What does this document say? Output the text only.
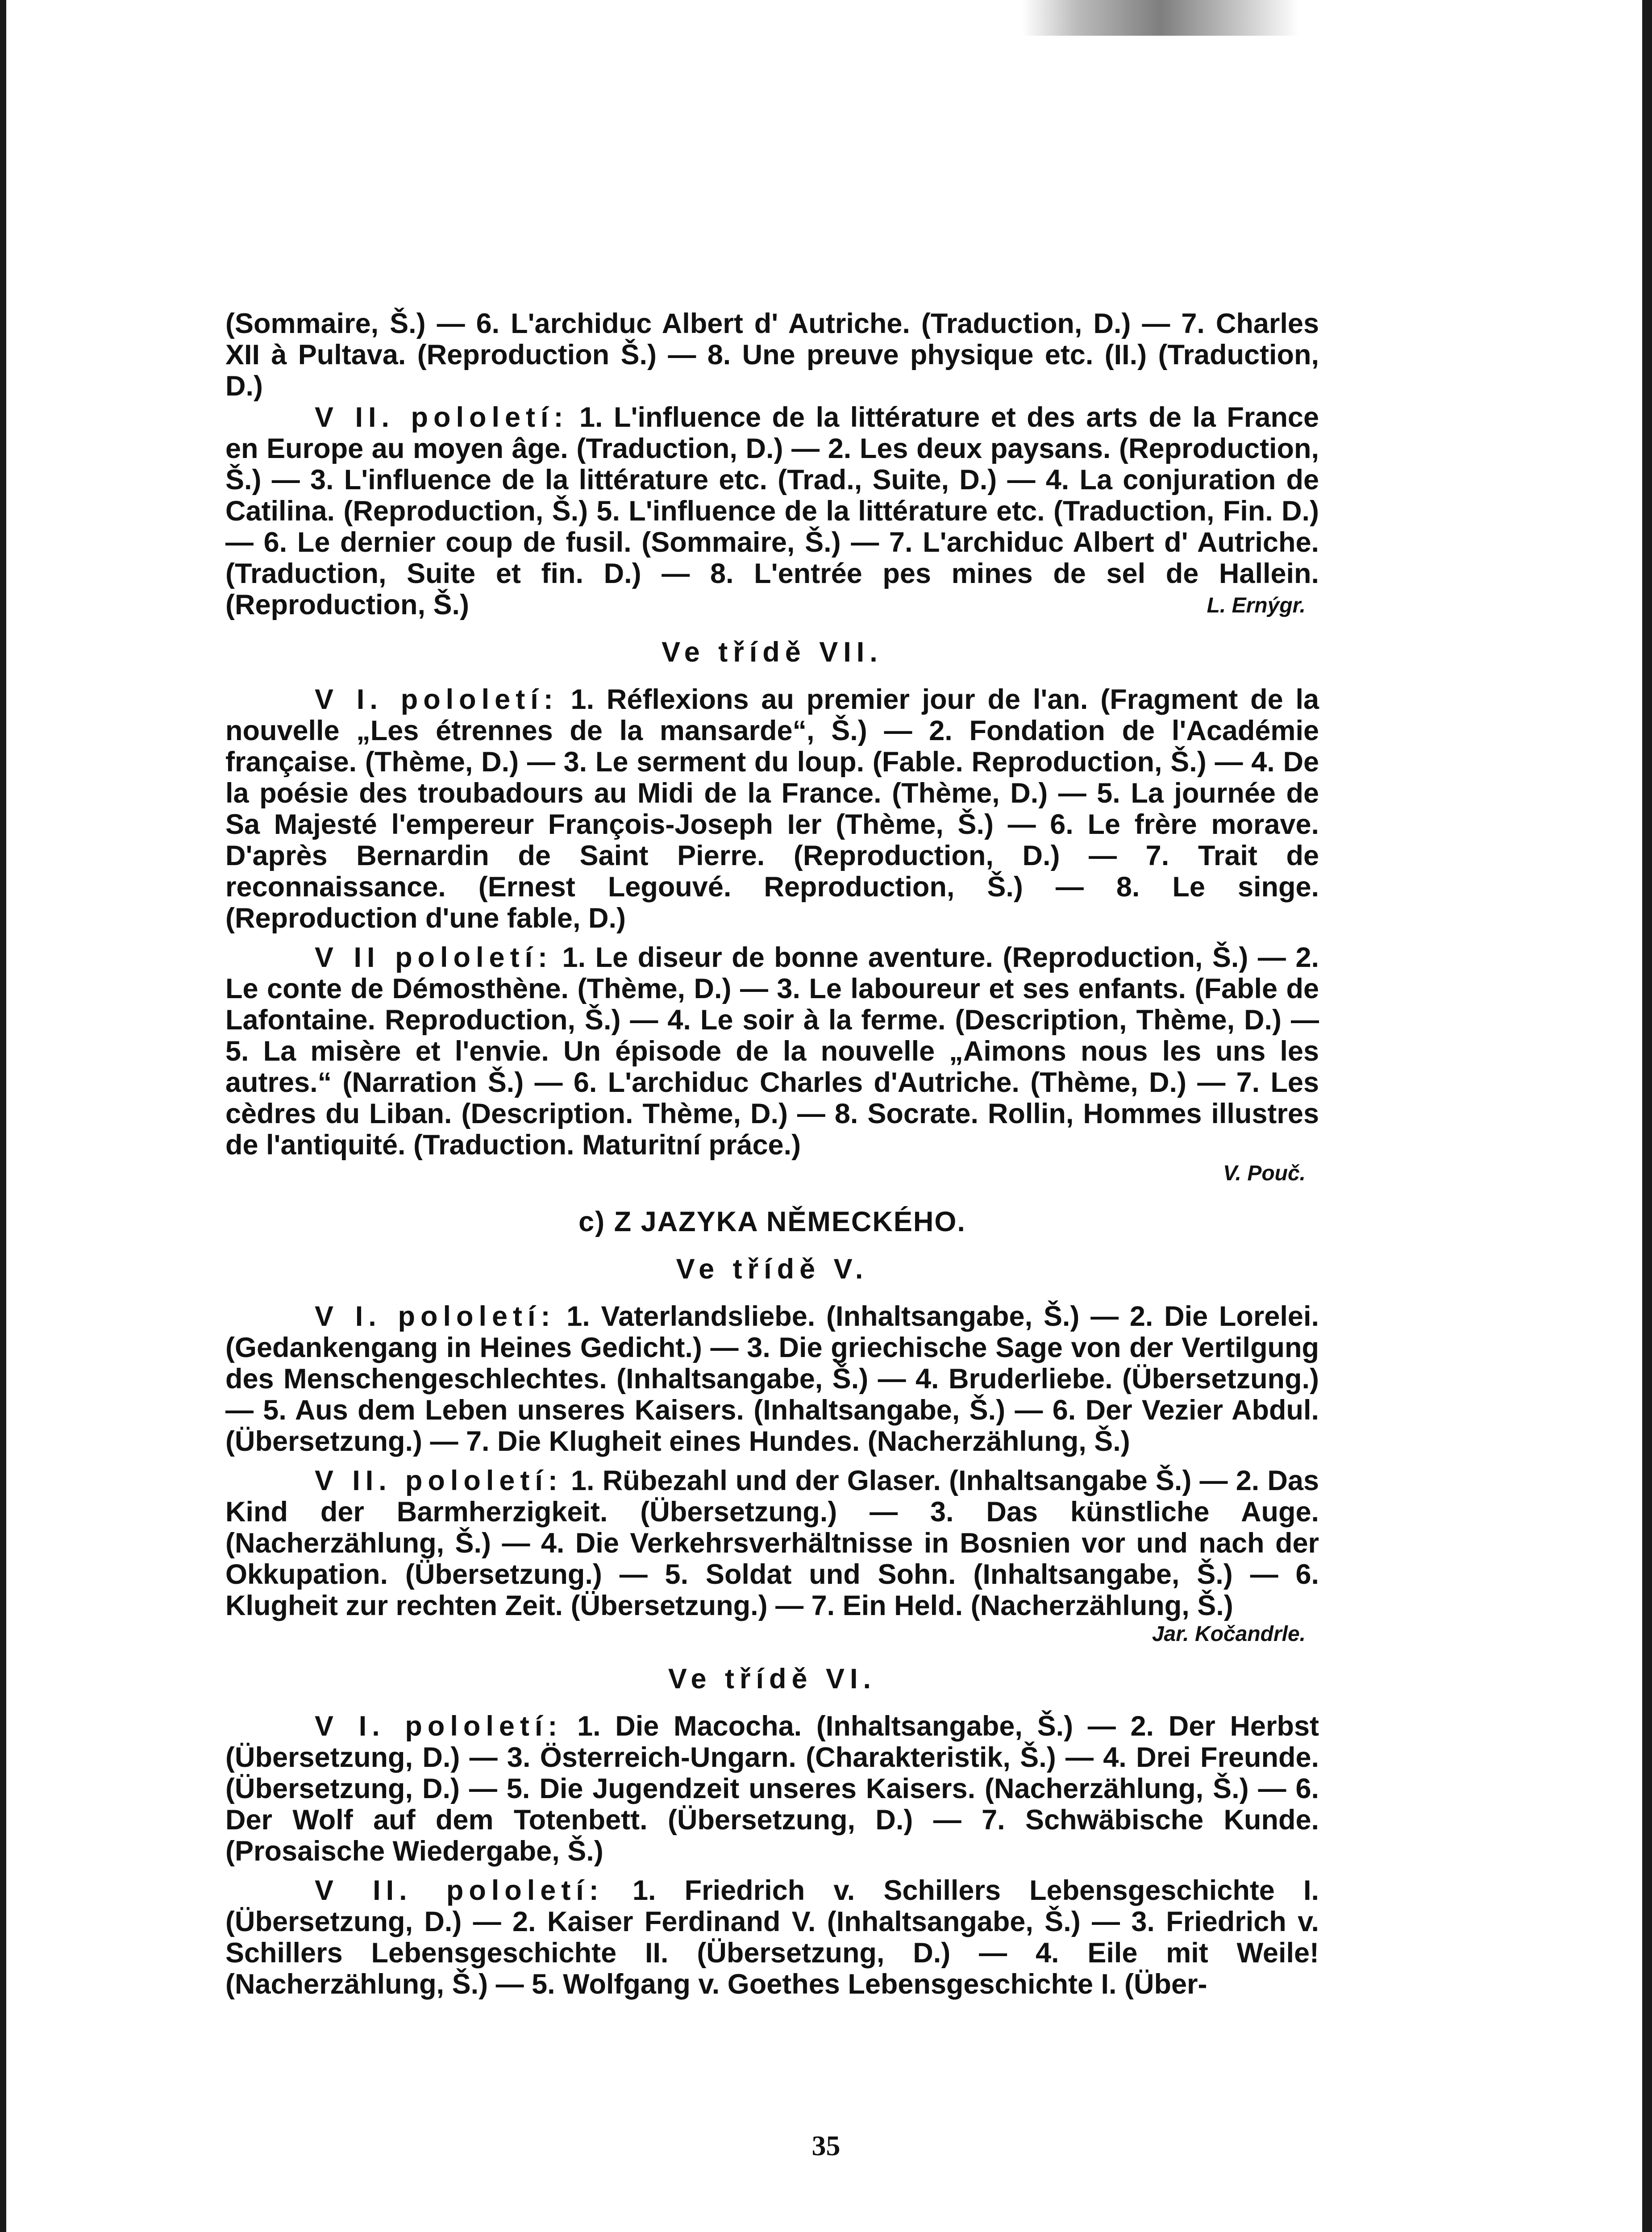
(Sommaire, Š.) — 6. L'archiduc Albert d' Autriche. (Traduction, D.) — 7. Charles XII à Pultava. (Reproduction Š.) — 8. Une preuve physique etc. (II.) (Traduction, D.)

V II. pololetí: 1. L'influence de la littérature et des arts de la France en Europe au moyen âge. (Traduction, D.) — 2. Les deux paysans. (Reproduction, Š.) — 3. L'influence de la littérature etc. (Trad., Suite, D.) — 4. La conjuration de Catilina. (Reproduction, Š.) 5. L'influence de la littérature etc. (Traduction, Fin. D.) — 6. Le dernier coup de fusil. (Sommaire, Š.) — 7. L'archiduc Albert d' Autriche. (Traduction, Suite et fin. D.) — 8. L'entrée pes mines de sel de Hallein. (Reproduction, Š.)	L. Ernýgr.

Ve třídě VII.

V I. pololetí: 1. Réflexions au premier jour de l'an. (Fragment de la nouvelle „Les étrennes de la mansarde“, Š.) — 2. Fondation de l'Académie française. (Thème, D.) — 3. Le serment du loup. (Fable. Reproduction, Š.) — 4. De la poésie des troubadours au Midi de la France. (Thème, D.) — 5. La journée de Sa Majesté l'empereur François-Joseph Ier (Thème, Š.) — 6. Le frère morave. D'après Bernardin de Saint Pierre. (Reproduction, D.) — 7. Trait de reconnaissance. (Ernest Legouvé. Reproduction, Š.) — 8. Le singe. (Reproduction d'une fable, D.)

V II pololetí: 1. Le diseur de bonne aventure. (Reproduction, Š.) — 2. Le conte de Démosthène. (Thème, D.) — 3. Le laboureur et ses enfants. (Fable de Lafontaine. Reproduction, Š.) — 4. Le soir à la ferme. (Description, Thème, D.) — 5. La misère et l'envie. Un épisode de la nouvelle „Aimons nous les uns les autres.“ (Narration Š.) — 6. L'archiduc Charles d'Autriche. (Thème, D.) — 7. Les cèdres du Liban. (Description. Thème, D.) — 8. Socrate. Rollin, Hommes illustres de l'antiquité. (Traduction. Maturitní práce.)

V. Pouč.

c) Z JAZYKA NĚMECKÉHO.

Ve třídě V.

V I. pololetí: 1. Vaterlandsliebe. (Inhaltsangabe, Š.) — 2. Die Lorelei. (Gedankengang in Heines Gedicht.) — 3. Die griechische Sage von der Vertilgung des Menschengeschlechtes. (Inhaltsangabe, Š.) — 4. Bruderliebe. (Übersetzung.) — 5. Aus dem Leben unseres Kaisers. (Inhaltsangabe, Š.) — 6. Der Vezier Abdul. (Übersetzung.) — 7. Die Klugheit eines Hundes. (Nacherzählung, Š.)

V II. pololetí: 1. Rübezahl und der Glaser. (Inhaltsangabe Š.) — 2. Das Kind der Barmherzigkeit. (Übersetzung.) — 3. Das künstliche Auge. (Nacherzählung, Š.) — 4. Die Verkehrsverhältnisse in Bosnien vor und nach der Okkupation. (Übersetzung.) — 5. Soldat und Sohn. (Inhaltsangabe, Š.) — 6. Klugheit zur rechten Zeit. (Übersetzung.) — 7. Ein Held. (Nacherzählung, Š.)

Jar. Kočandrle.

Ve třídě VI.

V I. pololetí: 1. Die Macocha. (Inhaltsangabe, Š.) — 2. Der Herbst (Übersetzung, D.) — 3. Österreich-Ungarn. (Charakteristik, Š.) — 4. Drei Freunde. (Übersetzung, D.) — 5. Die Jugendzeit unseres Kaisers. (Nacherzählung, Š.) — 6. Der Wolf auf dem Totenbett. (Übersetzung, D.) — 7. Schwäbische Kunde. (Prosaische Wiedergabe, Š.)

V II. pololetí: 1. Friedrich v. Schillers Lebensgeschichte I. (Übersetzung, D.) — 2. Kaiser Ferdinand V. (Inhaltsangabe, Š.) — 3. Friedrich v. Schillers Lebensgeschichte II. (Übersetzung, D.) — 4. Eile mit Weile! (Nacherzählung, Š.) — 5. Wolfgang v. Goethes Lebensgeschichte I. (Über-

35
